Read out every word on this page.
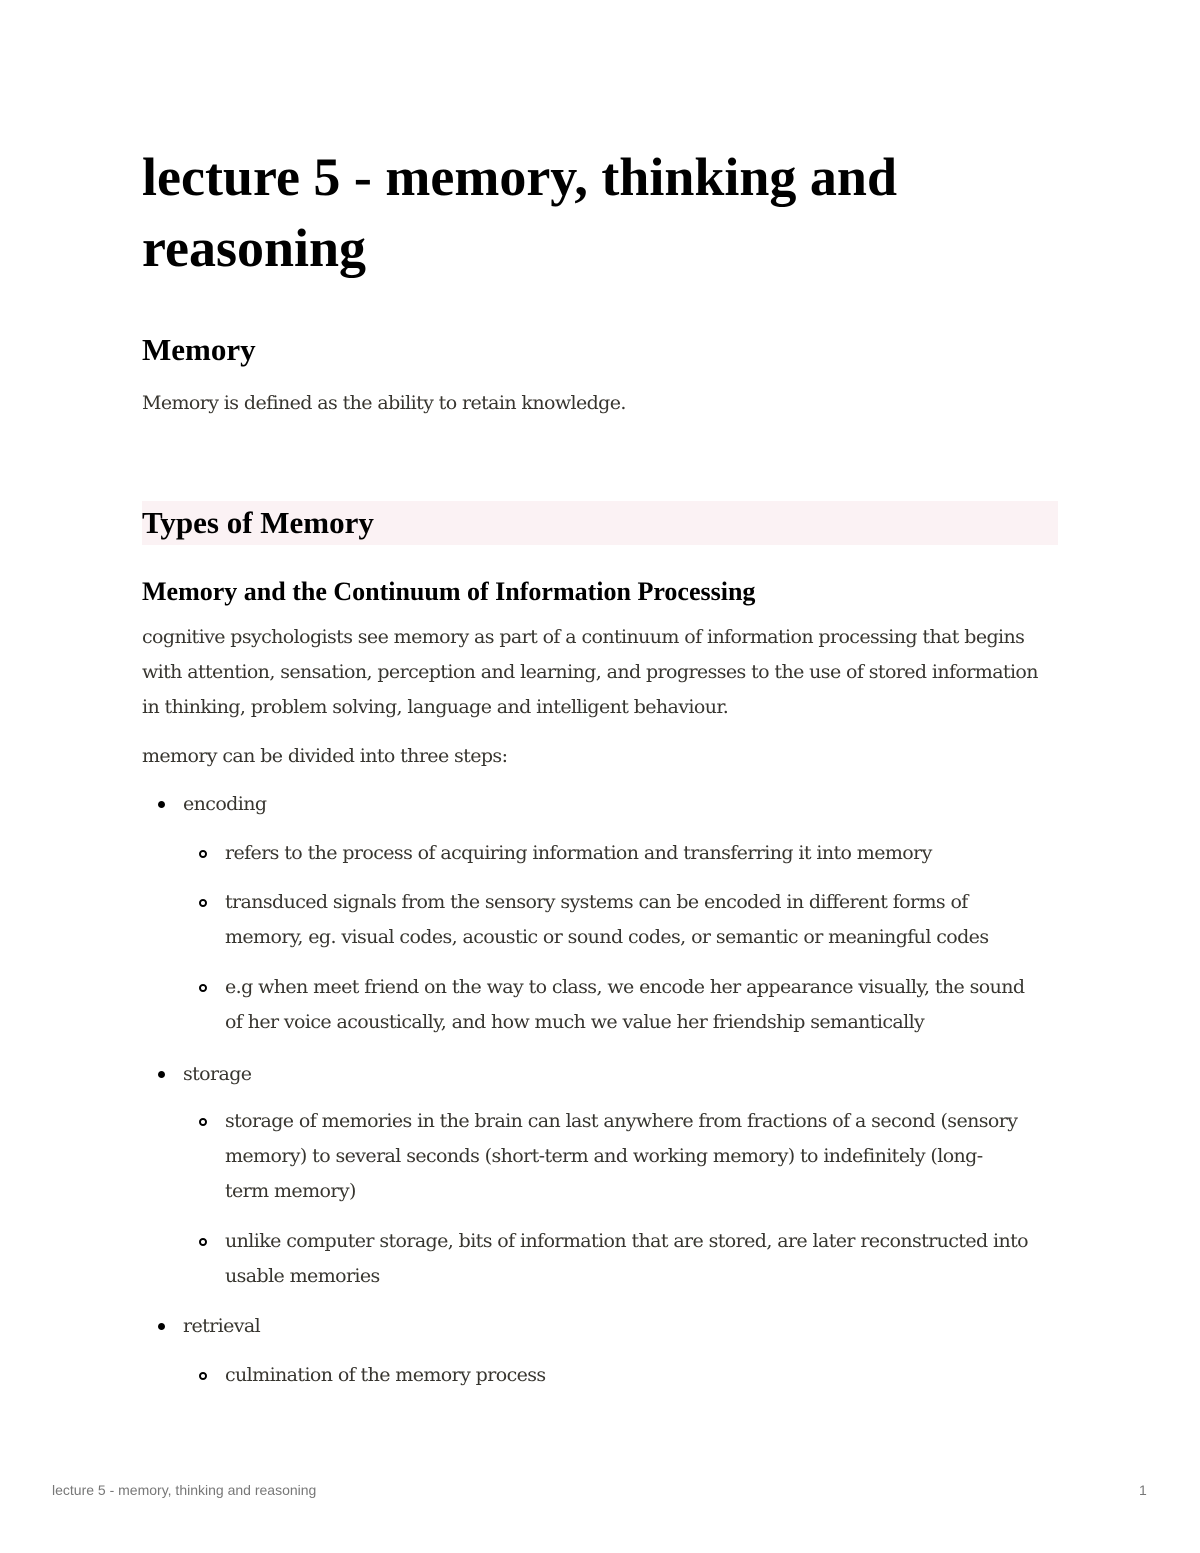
lecture 5 - memory, thinking and reasoning
Memory

Memory is defined as the ability to retain knowledge.

Types of Memory
Memory and the Continuum of Information Processing

cognitive psychologists see memory as part of a continuum of information processing that begins

with attention, sensation, perception and learning, and progresses to the use of stored information

in thinking, problem solving, language and intelligent behaviour.

memory can be divided into three steps:

encoding

refers to the process of acquiring information and transferring it into memory

transduced signals from the sensory systems can be encoded in different forms of

memory, eg. visual codes, acoustic or sound codes, or semantic or meaningful codes

e.g when meet friend on the way to class, we encode her appearance visually, the sound

of her voice acoustically, and how much we value her friendship semantically

storage

storage of memories in the brain can last anywhere from fractions of a second (sensory

memory) to several seconds (short-term and working memory) to indefinitely (long-

term memory)

unlike computer storage, bits of information that are stored, are later reconstructed into

usable memories

retrieval

culmination of the memory process

lecture 5 - memory, thinking and reasoning	1
